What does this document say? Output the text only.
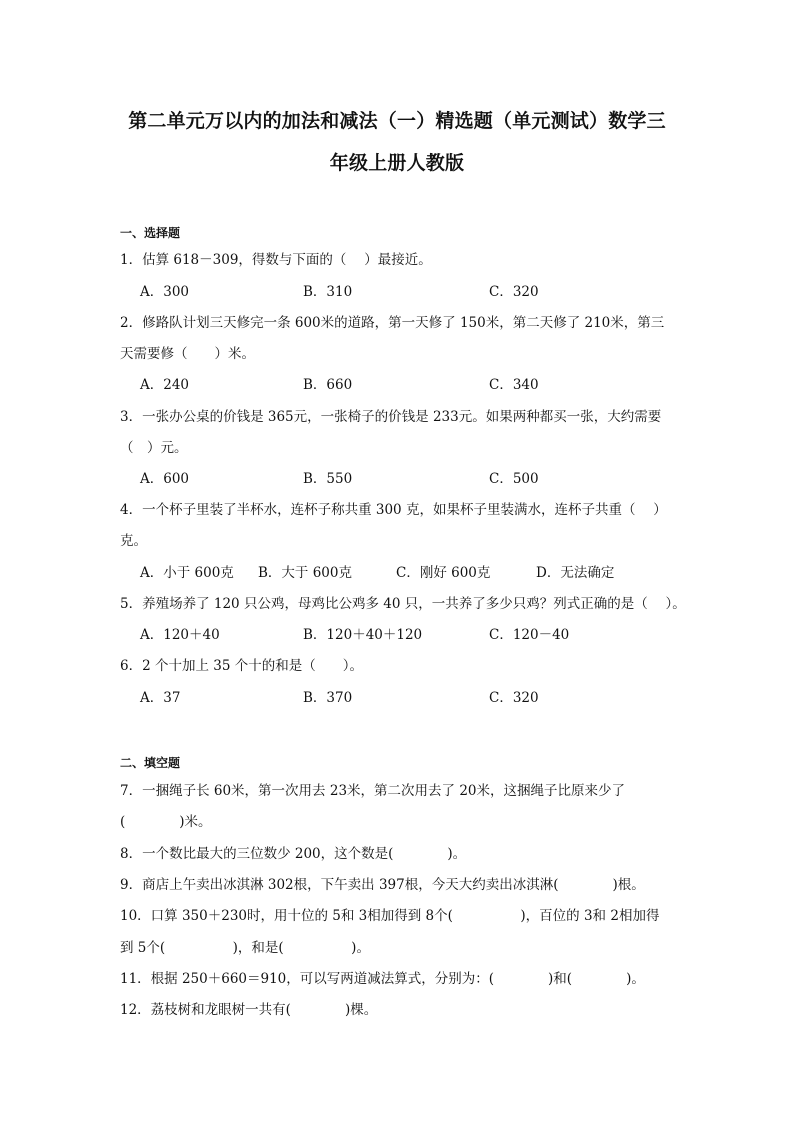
第二单元万以内的加法和减法（一）精选题（单元测试）数学三
年级上册人教版
一、选择题
1．估算 618－309，得数与下面的（　 ）最接近。
A．300	B．310	C．320
2．修路队计划三天修完一条 600米的道路，第一天修了 150米，第二天修了 210米，第三
天需要修（　　）米。
A．240	B．660	C．340
3．一张办公桌的价钱是 365元，一张椅子的价钱是 233元。如果两种都买一张，大约需要
（　）元。
A．600	B．550	C．500
4．一个杯子里装了半杯水，连杯子称共重 300 克，如果杯子里装满水，连杯子共重（　 ）
克。
A．小于 600克 B．大于 600克	C．刚好 600克	D．无法确定
5．养殖场养了 120 只公鸡，母鸡比公鸡多 40 只，一共养了多少只鸡？列式正确的是（　 ）。
A．120＋40	B．120＋40＋120	C．120－40
6．2 个十加上 35 个十的和是（　　）。
A．37	B．370	C．320
二、填空题
7．一捆绳子长 60米，第一次用去 23米，第二次用去了 20米，这捆绳子比原来少了
(　　　　)米。
8．一个数比最大的三位数少 200，这个数是(　　　　)。
9．商店上午卖出冰淇淋 302根，下午卖出 397根，今天大约卖出冰淇淋(　　　　)根。
10．口算 350＋230时，用十位的 5和 3相加得到 8个(　　　　　)，百位的 3和 2相加得
到 5个(　　　　　)，和是(　　　　　)。
11．根据 250＋660＝910，可以写两道减法算式，分别为：(　　　　)和(　　　　)。
12．荔枝树和龙眼树一共有(　　　　)棵。
